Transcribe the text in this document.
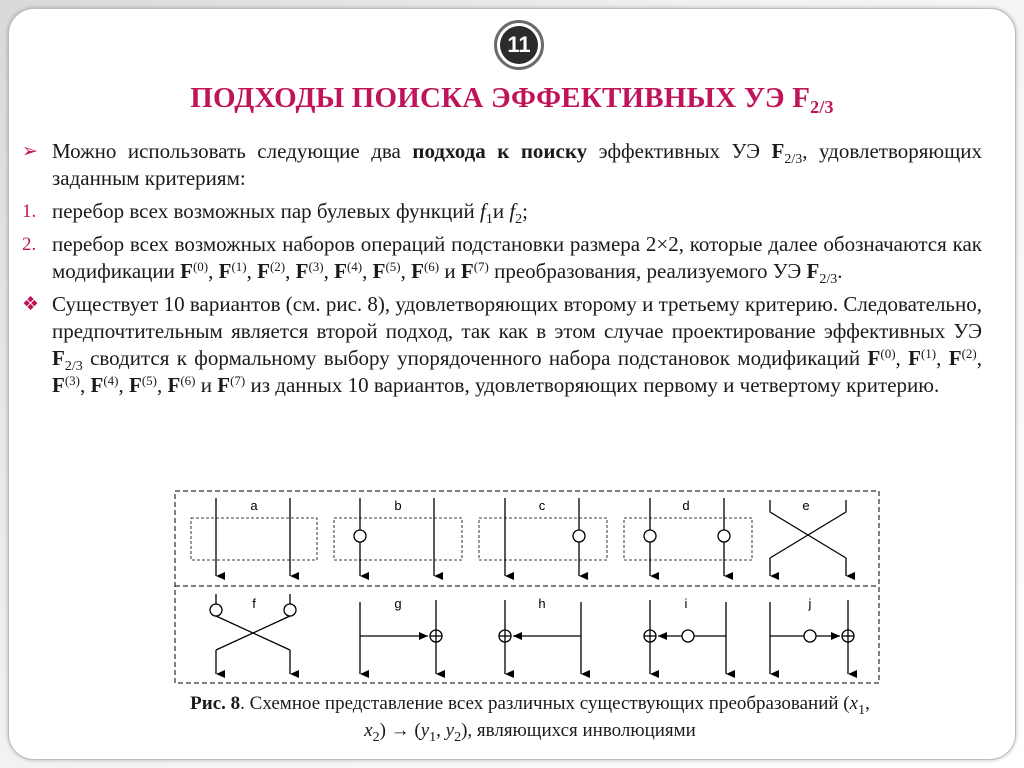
11
ПОДХОДЫ ПОИСКА ЭФФЕКТИВНЫХ УЭ $F_{2/3}$
➢ Можно использовать следующие два подхода к поиску эффективных УЭ $F_{2/3}$, удовлетворяющих заданным критериям:
1. перебор всех возможных пар булевых функций $f_1и$ $f_2$;
2. перебор всех возможных наборов операций подстановки размера 2×2, которые далее обозначаются как модификации $F^{(0)}$, $F^{(1)}$, $F^{(2)}$, $F^{(3)}$, $F^{(4)}$, $F^{(5)}$, $F^{(6)}$ и $F^{(7)}$ преобразования, реализуемого УЭ $F_{2/3}$.
❖ Существует 10 вариантов (см. рис. 8), удовлетворяющих второму и третьему критерию. Следовательно, предпочтительным является второй подход, так как в этом случае проектирование эффективных УЭ $F_{2/3}$ сводится к формальному выбору упорядоченного набора подстановок модификаций $F^{(0)}$, $F^{(1)}$, $F^{(2)}$, $F^{(3)}$, $F^{(4)}$, $F^{(5)}$, $F^{(6)}$ и $F^{(7)}$ из данных 10 вариантов, удовлетворяющих первому и четвертому критерию.
a	b	c	d	e
f	g	h	i	j
Рис. 8. Схемное представление всех различных существующих преобразований ($x_1$, $x_2) \to (y_1$, $y_2$), являющихся инволюциями
